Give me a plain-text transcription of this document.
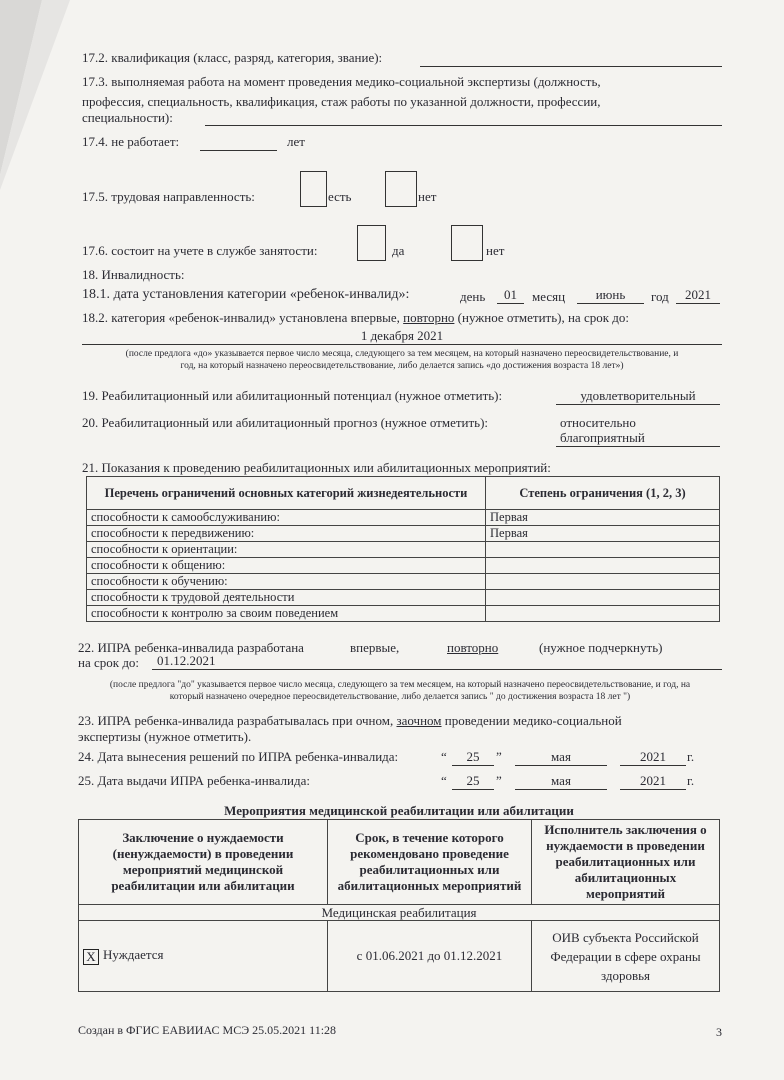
17.2. квалификация (класс, разряд, категория, звание):
17.3. выполняемая работа на момент проведения медико-социальной экспертизы (должность,
профессия, специальность, квалификация, стаж работы по указанной должности, профессии,
специальности):
17.4. не работает:	лет
17.5. трудовая направленность:	есть	нет
17.6. состоит на учете в службе занятости:	да	нет
18. Инвалидность:
18.1. дата установления категории «ребенок-инвалид»:	день	01	месяц	июнь	год	2021
18.2. категория «ребенок-инвалид» установлена впервые, повторно (нужное отметить), на срок до:
1 декабря 2021
(после предлога «до» указывается первое число месяца, следующего за тем месяцем, на который назначено переосвидетельствование, и
год, на который назначено переосвидетельствование, либо делается запись «до достижения возраста 18 лет»)
19. Реабилитационный или абилитационный потенциал (нужное отметить):	удовлетворительный
20. Реабилитационный или абилитационный прогноз (нужное отметить):	относительно
благоприятный
21. Показания к проведению реабилитационных или абилитационных мероприятий:
Перечень ограничений основных категорий жизнедеятельности	Степень ограничения (1, 2, 3)
способности к самообслуживанию:	Первая
способности к передвижению:	Первая
способности к ориентации:	
способности к общению:	
способности к обучению:	
способности к трудовой деятельности	
способности к контролю за своим поведением	
22. ИПРА ребенка-инвалида разработана	впервые,	повторно	(нужное подчеркнуть)
на срок до:	01.12.2021
(после предлога "до" указывается первое число месяца, следующего за тем месяцем, на который назначено переосвидетельствование, и год, на
который назначено очередное переосвидетельствование, либо делается запись " до достижения возраста 18 лет ")
23. ИПРА ребенка-инвалида разрабатывалась при очном, заочном проведении медико-социальной
экспертизы (нужное отметить).
24. Дата вынесения решений по ИПРА ребенка-инвалида:	“	25	”	мая	2021	г.
25. Дата выдачи ИПРА ребенка-инвалида:	“	25	”	мая	2021	г.
Мероприятия медицинской реабилитации или абилитации
Заключение о нуждаемости (ненуждаемости) в проведении мероприятий медицинской реабилитации или абилитации	Срок, в течение которого рекомендовано проведение реабилитационных или абилитационных мероприятий	Исполнитель заключения о нуждаемости в проведении реабилитационных или абилитационных мероприятий
Медицинская реабилитация		
X Нуждается	с 01.06.2021 до 01.12.2021	ОИВ субъекта Российской Федерации в сфере охраны здоровья
Создан в ФГИС ЕАВИИАС МСЭ 25.05.2021 11:28	3
